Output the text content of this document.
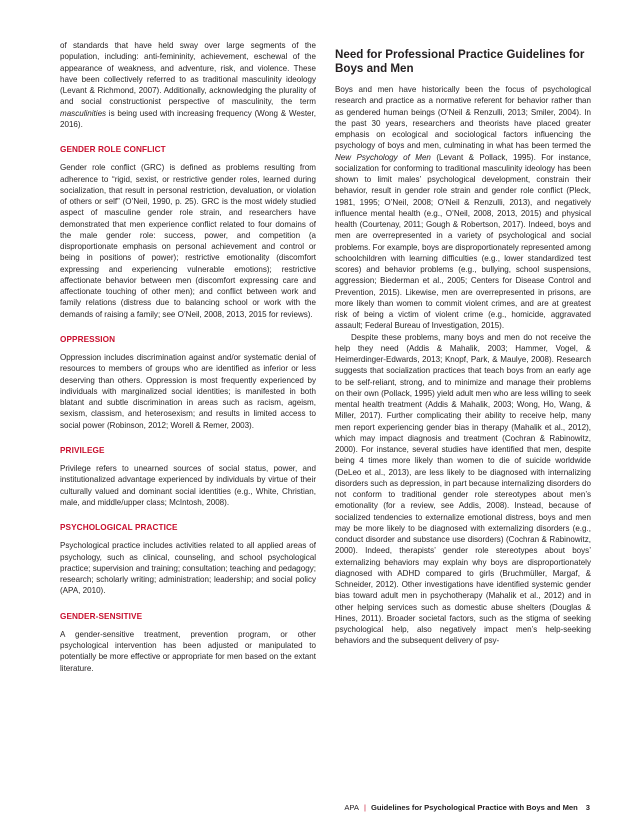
of standards that have held sway over large segments of the population, including: anti-femininity, achievement, eschewal of the appearance of weakness, and adventure, risk, and violence. These have been collectively referred to as traditional masculinity ideology (Levant & Richmond, 2007). Additionally, acknowledging the plurality of and social constructionist perspective of masculinity, the term masculinities is being used with increasing frequency (Wong & Wester, 2016).

GENDER ROLE CONFLICT

Gender role conflict (GRC) is defined as problems resulting from adherence to “rigid, sexist, or restrictive gender roles, learned during socialization, that result in personal restriction, devaluation, or violation of others or self” (O’Neil, 1990, p. 25). GRC is the most widely studied aspect of masculine gender role strain, and researchers have demonstrated that men experience conflict related to four domains of the male gender role: success, power, and competition (a disproportionate emphasis on personal achievement and control or being in positions of power); restrictive emotionality (discomfort expressing and experiencing vulnerable emotions); restrictive affectionate behavior between men (discomfort expressing care and affectionate touching of other men); and conflict between work and family relations (distress due to balancing school or work with the demands of raising a family; see O’Neil, 2008, 2013, 2015 for reviews).

OPPRESSION

Oppression includes discrimination against and/or systematic denial of resources to members of groups who are identified as inferior or less deserving than others. Oppression is most frequently experienced by individuals with marginalized social identities; is manifested in both blatant and subtle discrimination in areas such as racism, ageism, sexism, classism, and heterosexism; and results in limited access to social power (Robinson, 2012; Worell & Remer, 2003).

PRIVILEGE

Privilege refers to unearned sources of social status, power, and institutionalized advantage experienced by individuals by virtue of their culturally valued and dominant social identities (e.g., White, Christian, male, and middle/upper class; McIntosh, 2008).

PSYCHOLOGICAL PRACTICE

Psychological practice includes activities related to all applied areas of psychology, such as clinical, counseling, and school psychological practice; supervision and training; consultation; teaching and pedagogy; research; scholarly writing; administration; leadership; and social policy (APA, 2010).

GENDER-SENSITIVE

A gender-sensitive treatment, prevention program, or other psychological intervention has been adjusted or manipulated to potentially be more effective or appropriate for men based on the extant literature.

Need for Professional Practice Guidelines for Boys and Men

Boys and men have historically been the focus of psychological research and practice as a normative referent for behavior rather than as gendered human beings (O’Neil & Renzulli, 2013; Smiler, 2004). In the past 30 years, researchers and theorists have placed greater emphasis on ecological and sociological factors influencing the psychology of boys and men, culminating in what has been termed the New Psychology of Men (Levant & Pollack, 1995). For instance, socialization for conforming to traditional masculinity ideology has been shown to limit males’ psychological development, constrain their behavior, result in gender role strain and gender role conflict (Pleck, 1981, 1995; O’Neil, 2008; O’Neil & Renzulli, 2013), and negatively influence mental health (e.g., O’Neil, 2008, 2013, 2015) and physical health (Courtenay, 2011; Gough & Robertson, 2017). Indeed, boys and men are overrepresented in a variety of psychological and social problems. For example, boys are disproportionately represented among schoolchildren with learning difficulties (e.g., lower standardized test scores) and behavior problems (e.g., bullying, school suspensions, aggression; Biederman et al., 2005; Centers for Disease Control and Prevention, 2015). Likewise, men are overrepresented in prisons, are more likely than women to commit violent crimes, and are at greatest risk of being a victim of violent crime (e.g., homicide, aggravated assault; Federal Bureau of Investigation, 2015).

Despite these problems, many boys and men do not receive the help they need (Addis & Mahalik, 2003; Hammer, Vogel, & Heimerdinger-Edwards, 2013; Knopf, Park, & Maulye, 2008). Research suggests that socialization practices that teach boys from an early age to be self-reliant, strong, and to minimize and manage their problems on their own (Pollack, 1995) yield adult men who are less willing to seek mental health treatment (Addis & Mahalik, 2003; Wong, Ho, Wang, & Miller, 2017). Further complicating their ability to receive help, many men report experiencing gender bias in therapy (Mahalik et al., 2012), which may impact diagnosis and treatment (Cochran & Rabinowitz, 2000). For instance, several studies have identified that men, despite being 4 times more likely than women to die of suicide worldwide (DeLeo et al., 2013), are less likely to be diagnosed with internalizing disorders such as depression, in part because internalizing disorders do not conform to traditional gender role stereotypes about men’s emotionality (for a review, see Addis, 2008). Instead, because of socialized tendencies to externalize emotional distress, boys and men may be more likely to be diagnosed with externalizing disorders (e.g., conduct disorder and substance use disorders) (Cochran & Rabinowitz, 2000). Indeed, therapists’ gender role stereotypes about boys’ externalizing behaviors may explain why boys are disproportionately diagnosed with ADHD compared to girls (Bruchmüller, Margaf, & Schneider, 2012). Other investigations have identified systemic gender bias toward adult men in psychotherapy (Mahalik et al., 2012) and in other helping services such as domestic abuse shelters (Douglas & Hines, 2011). Broader societal factors, such as the stigma of seeking psychological help, also negatively impact men’s help-seeking behaviors and the subsequent delivery of psy-

APA | Guidelines for Psychological Practice with Boys and Men 3
